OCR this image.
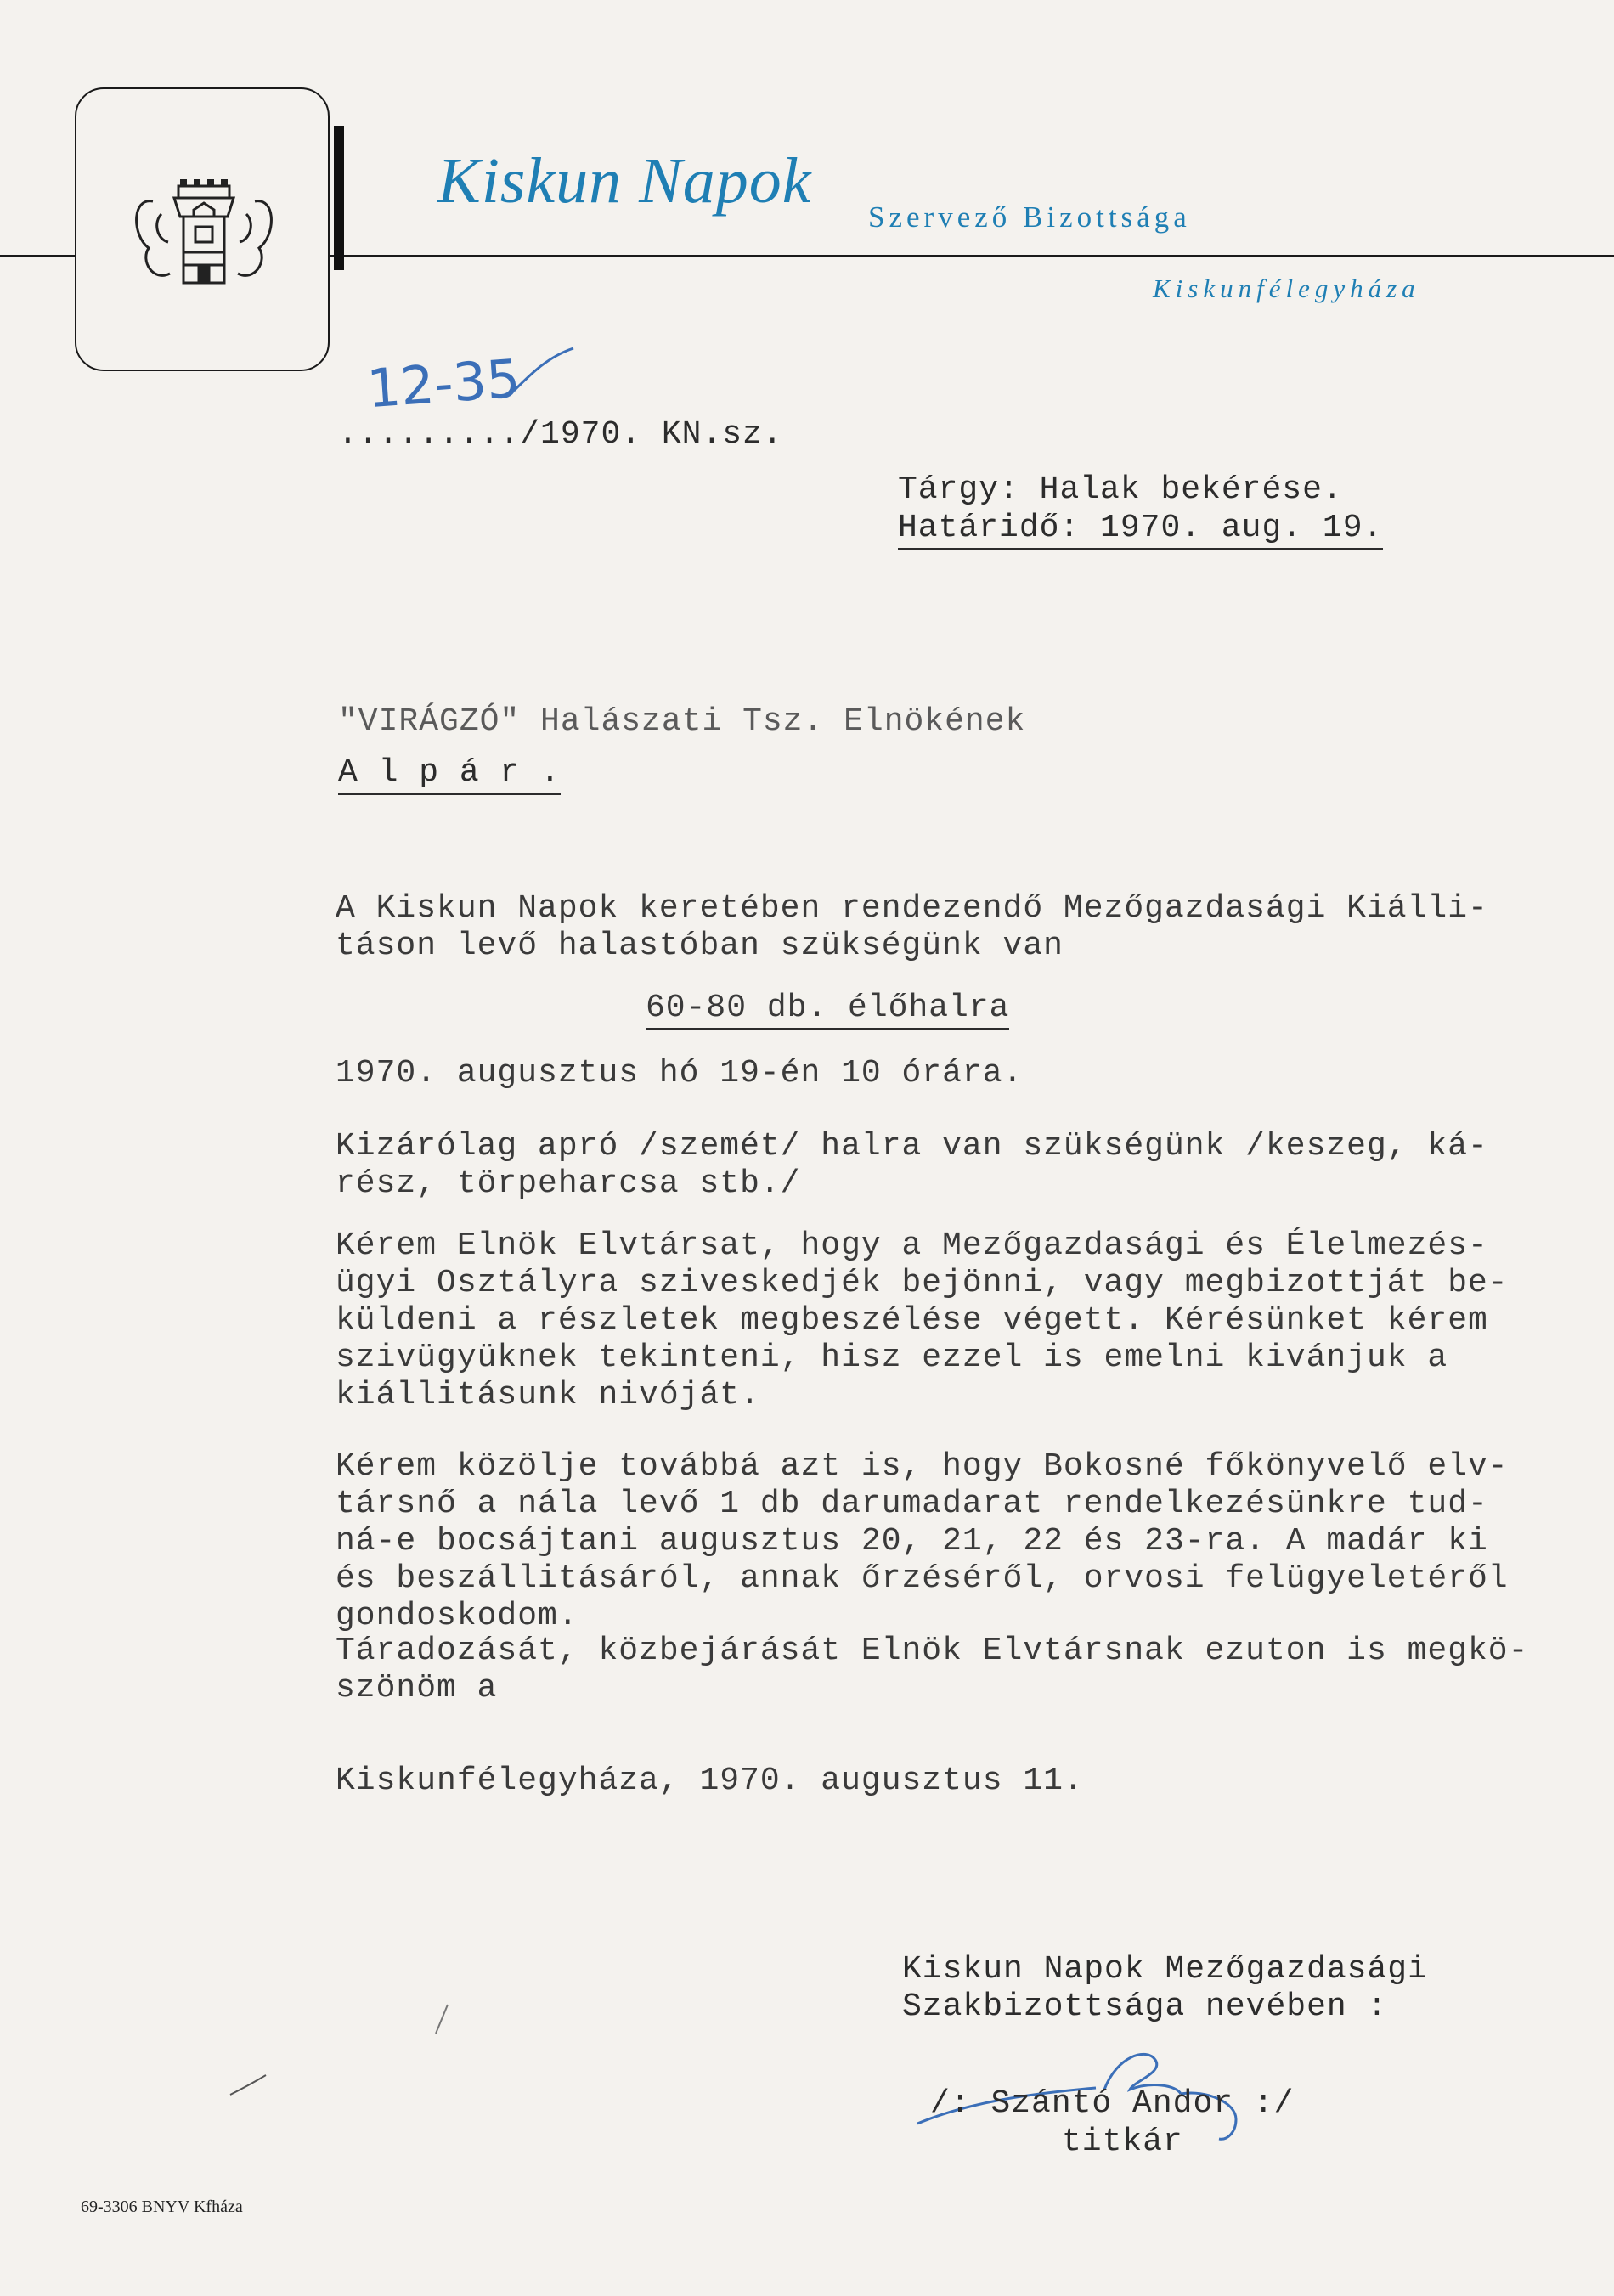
Kiskun Napok
Szervező Bizottsága
Kiskunfélegyháza
12-35
........./1970. KN.sz.
Tárgy: Halak bekérése.
Határidő: 1970. aug. 19.
"VIRÁGZÓ" Halászati Tsz. Elnökének
A l p á r .
A Kiskun Napok keretében rendezendő Mezőgazdasági Kiálli-
táson levő halastóban szükségünk van
60-80 db. élőhalra
1970. augusztus hó 19-én 10 órára.
Kizárólag apró /szemét/ halra van szükségünk /keszeg, ká-
rész, törpeharcsa stb./
Kérem Elnök Elvtársat, hogy a Mezőgazdasági és Élelmezés-
ügyi Osztályra sziveskedjék bejönni, vagy megbizottját be-
küldeni a részletek megbeszélése végett. Kérésünket kérem
szivügyüknek tekinteni, hisz ezzel is emelni kivánjuk a
kiállitásunk nivóját.
Kérem közölje továbbá azt is, hogy Bokosné főkönyvelő elv-
társnő a nála levő 1 db darumadarat rendelkezésünkre tud-
ná-e bocsájtani augusztus 20, 21, 22 és 23-ra. A madár ki
és beszállitásáról, annak őrzéséről, orvosi felügyeletéről
gondoskodom.
Táradozását, közbejárását Elnök Elvtársnak ezuton is megkö-
szönöm a
Kiskunfélegyháza, 1970. augusztus 11.
Kiskun Napok Mezőgazdasági
Szakbizottsága nevében :
/: Szántó Andor :/
titkár
69-3306 BNYV Kfháza
